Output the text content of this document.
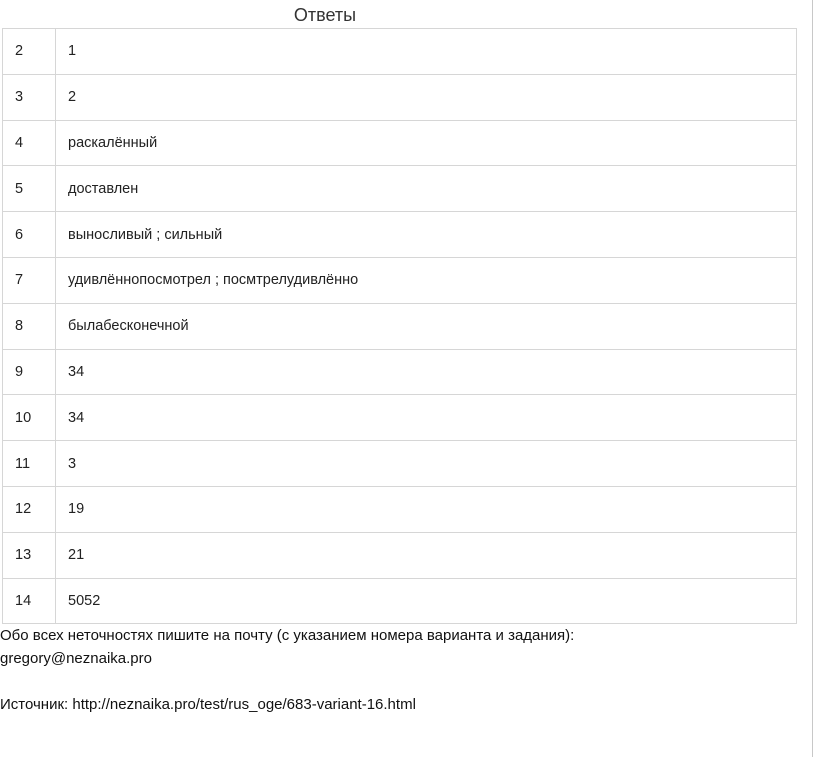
Ответы
2	1
3	2
4	раскалённый
5	доставлен
6	выносливый ; сильный
7	удивлённопосмотрел ; посмтрелудивлённо
8	былабесконечной
9	34
10	34
11	3
12	19
13	21
14	5052

Обо всех неточностях пишите на почту (с указанием номера варианта и задания):

gregory@neznaika.pro

Источник: http://neznaika.pro/test/rus_oge/683-variant-16.html
